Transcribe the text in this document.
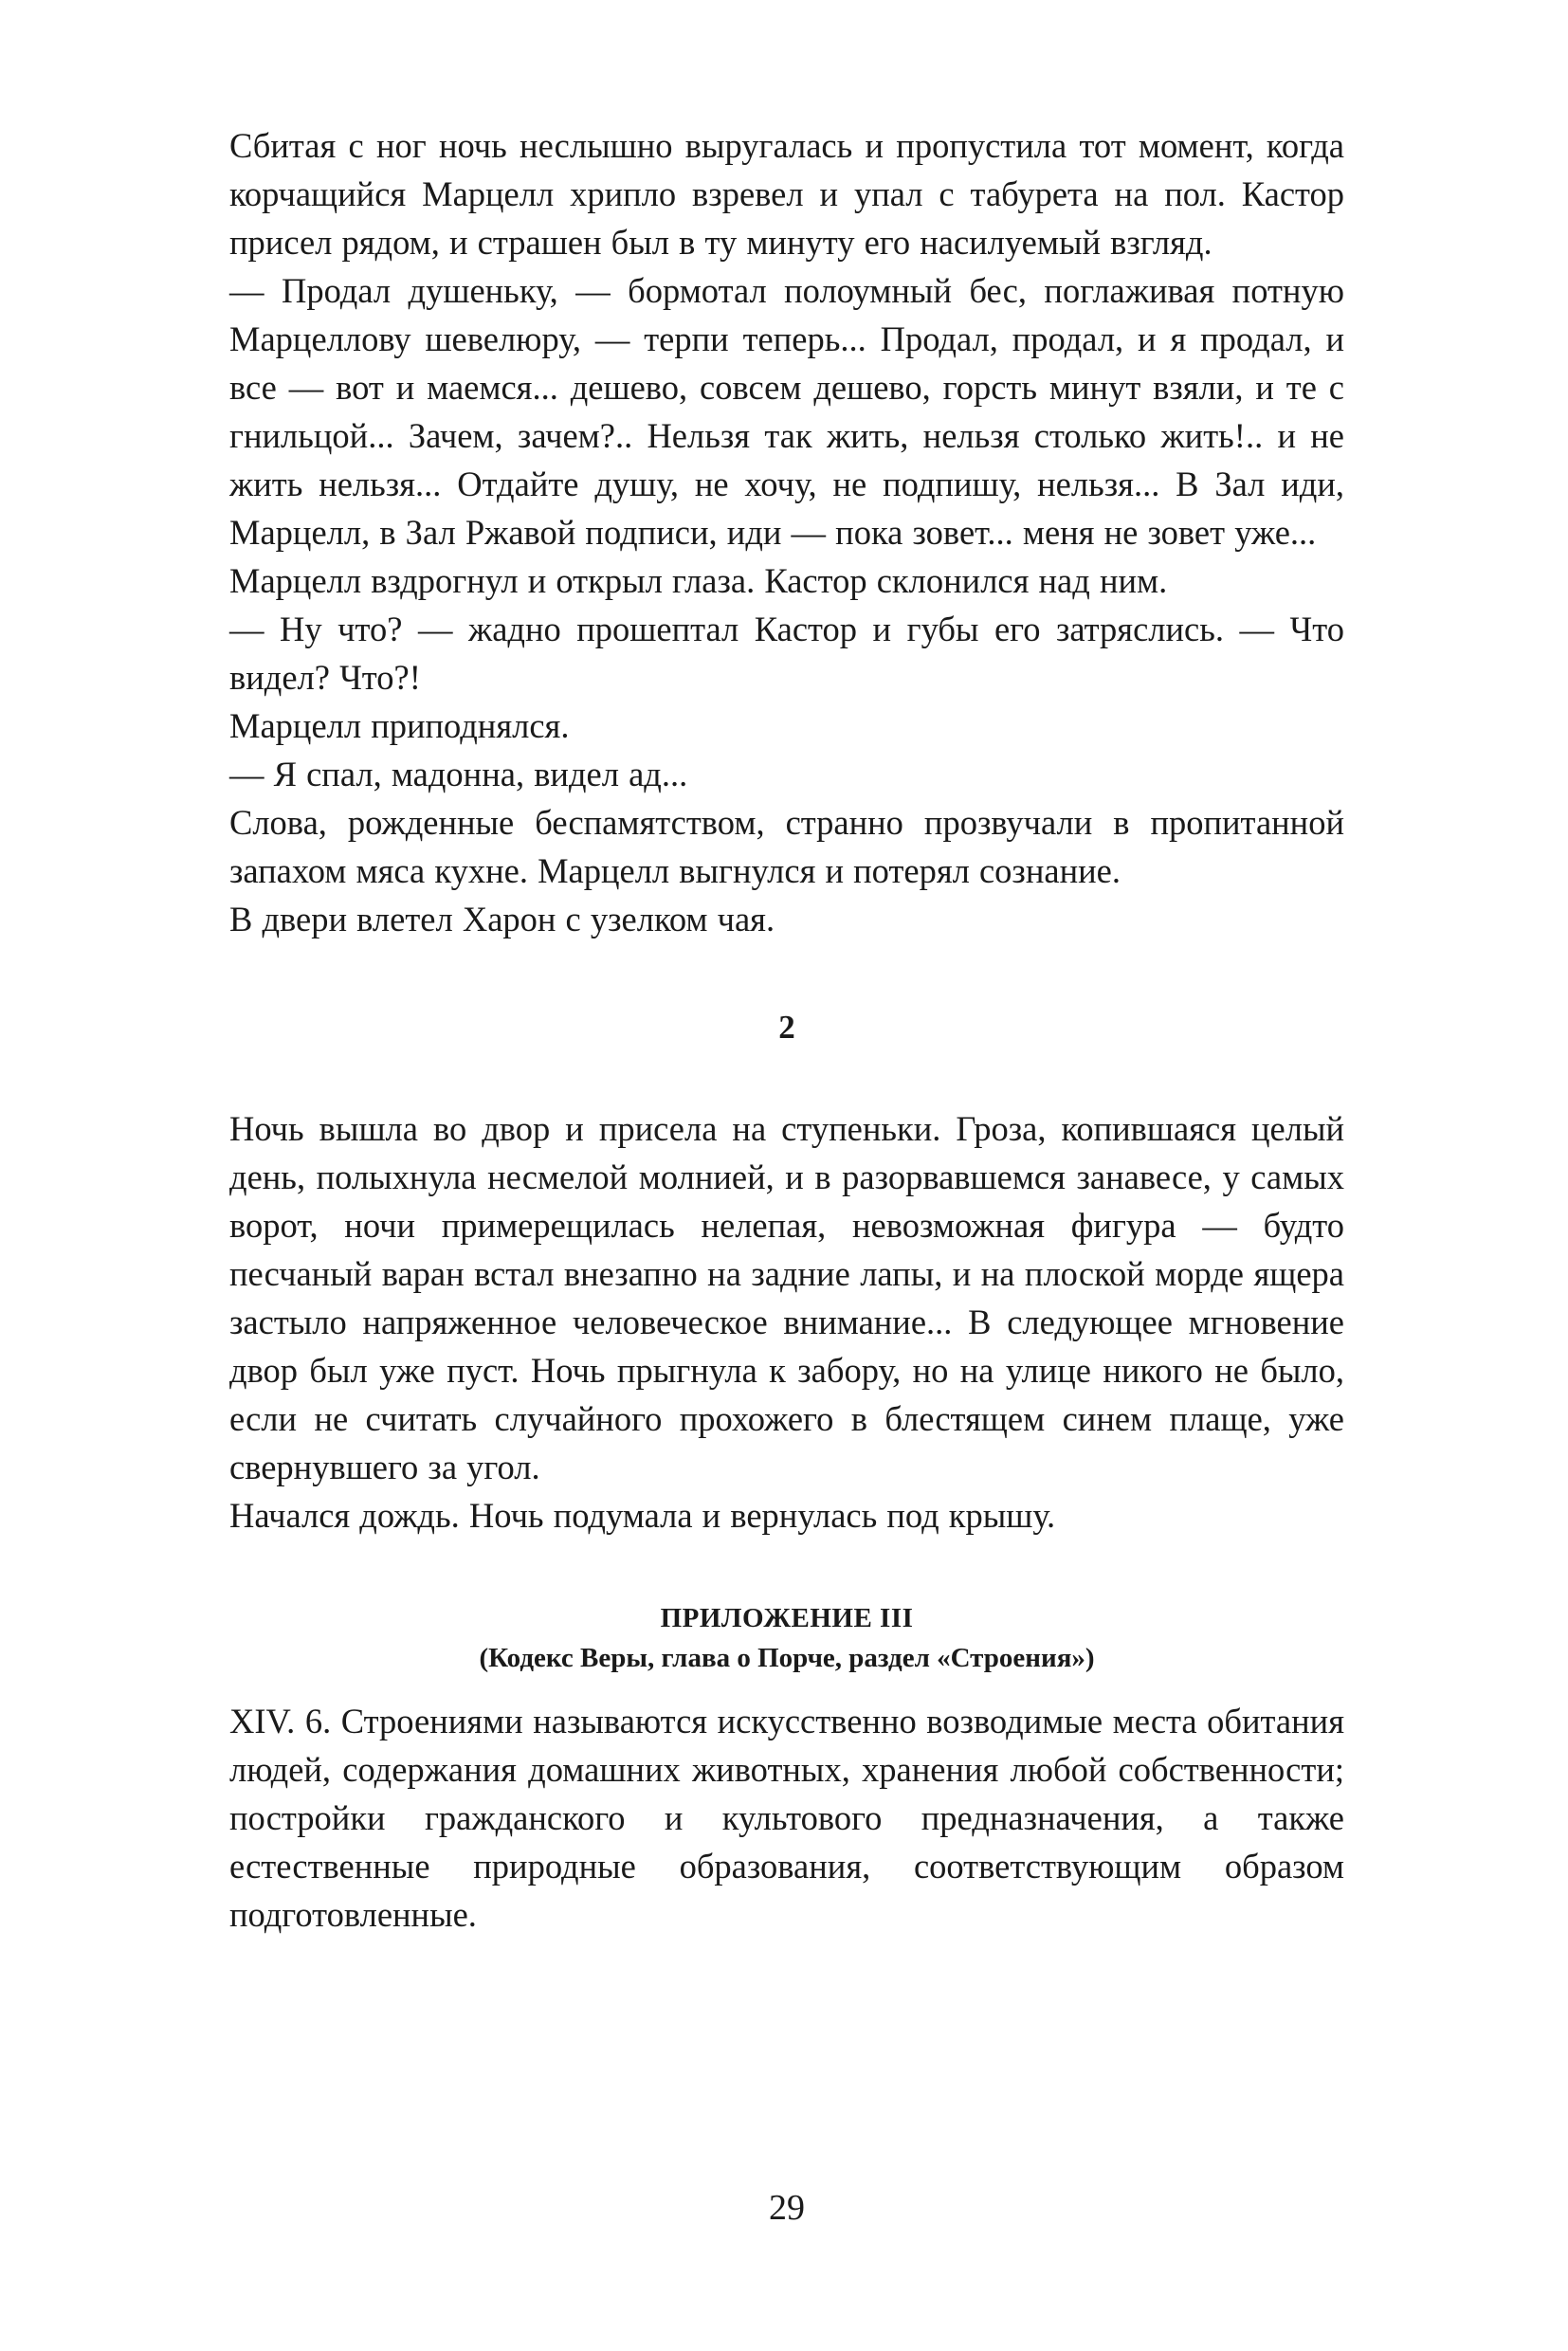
Сбитая с ног ночь неслышно выругалась и пропустила тот момент, когда корчащийся Марцелл хрипло взревел и упал с табурета на пол. Кастор присел рядом, и страшен был в ту минуту его насилуемый взгляд.

— Продал душеньку, — бормотал полоумный бес, поглаживая потную Марцеллову шевелюру, — терпи теперь... Продал, продал, и я продал, и все — вот и маемся... дешево, совсем дешево, горсть минут взяли, и те с гнильцой... Зачем, зачем?.. Нельзя так жить, нельзя столько жить!.. и не жить нельзя... Отдайте душу, не хочу, не подпишу, нельзя... В Зал иди, Марцелл, в Зал Ржавой подписи, иди — пока зовет... меня не зовет уже...

Марцелл вздрогнул и открыл глаза. Кастор склонился над ним.

— Ну что? — жадно прошептал Кастор и губы его затряслись. — Что видел? Что?!

Марцелл приподнялся.

— Я спал, мадонна, видел ад...

Слова, рожденные беспамятством, странно прозвучали в пропитанной запахом мяса кухне. Марцелл выгнулся и потерял сознание.

В двери влетел Харон с узелком чая.

2

Ночь вышла во двор и присела на ступеньки. Гроза, копившаяся целый день, полыхнула несмелой молнией, и в разорвавшемся занавесе, у самых ворот, ночи примерещилась нелепая, невозможная фигура — будто песчаный варан встал внезапно на задние лапы, и на плоской морде ящера застыло напряженное человеческое внимание... В следующее мгновение двор был уже пуст. Ночь прыгнула к забору, но на улице никого не было, если не считать случайного прохожего в блестящем синем плаще, уже свернувшего за угол.

Начался дождь. Ночь подумала и вернулась под крышу.

ПРИЛОЖЕНИЕ III
(Кодекс Веры, глава о Порче, раздел «Строения»)

XIV. 6. Строениями называются искусственно возводимые места обитания людей, содержания домашних животных, хранения любой собственности; постройки гражданского и культового предназначения, а также естественные природные образования, соответствующим образом подготовленные.

29
